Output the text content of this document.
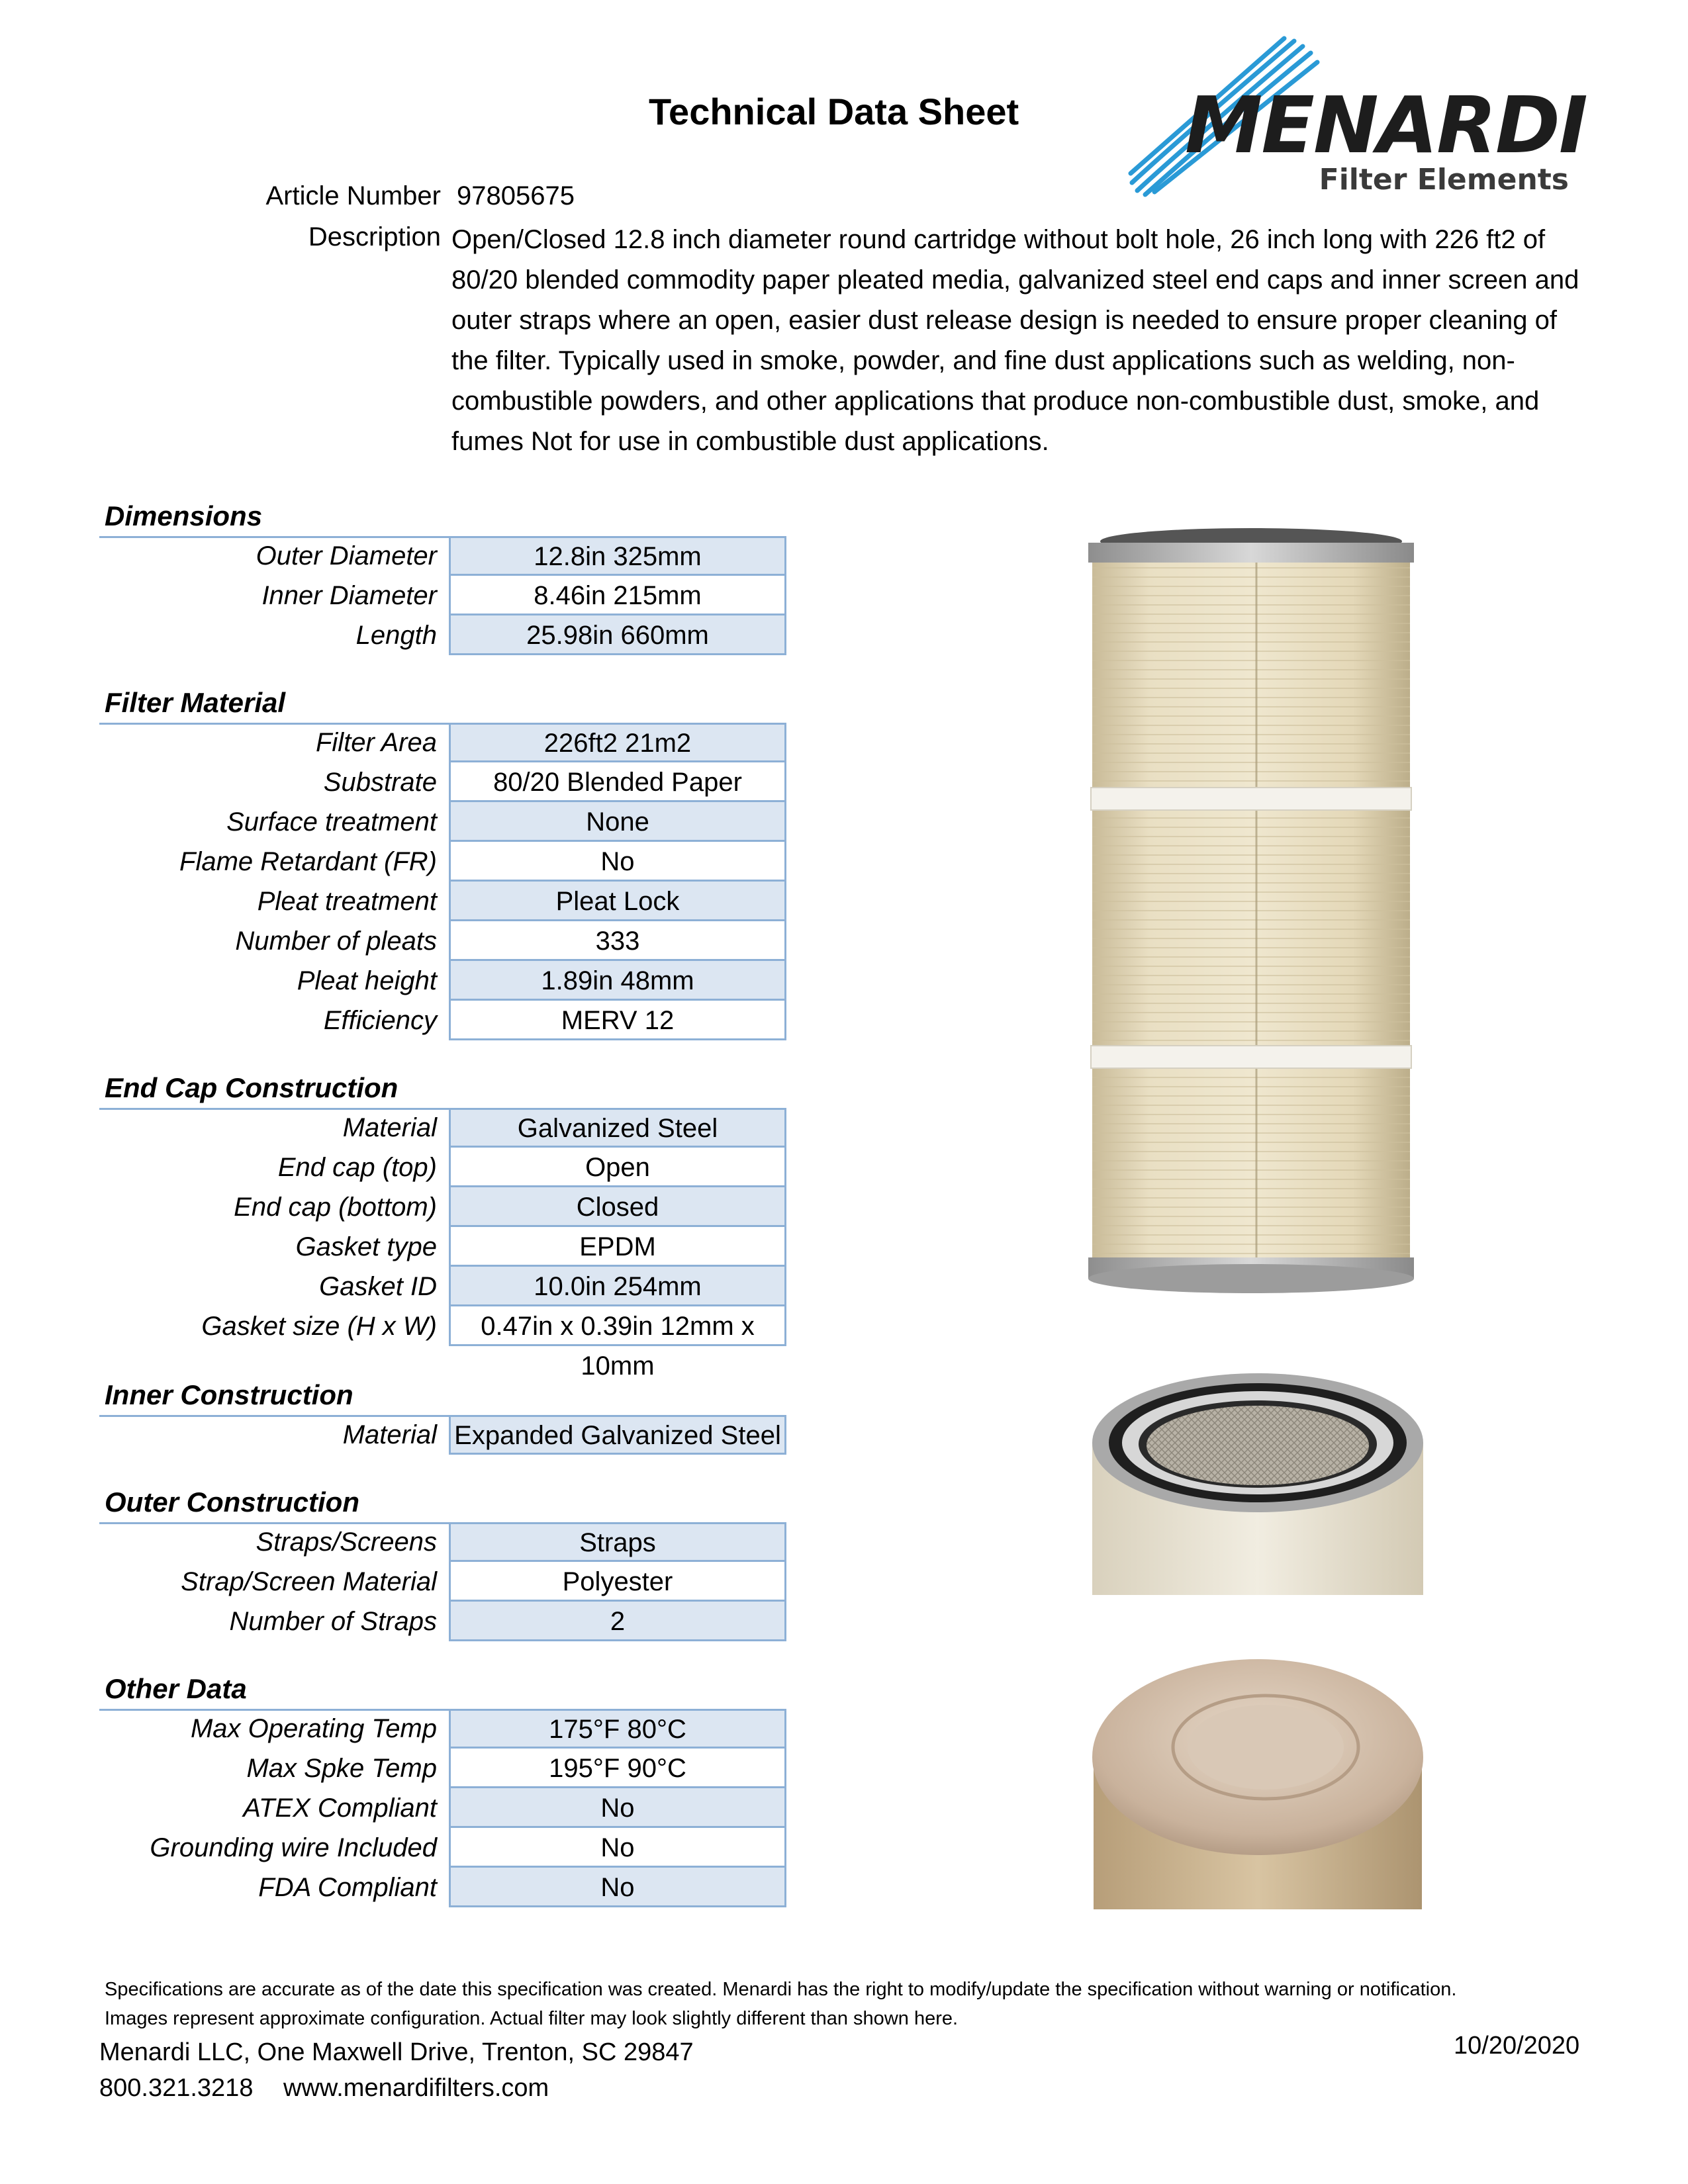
Technical Data Sheet	MENARDI
Filter Elements
Article Number 97805675
Description Open/Closed 12.8 inch diameter round cartridge without bolt hole, 26 inch long with 226 ft2 of 80/20 blended commodity paper pleated media, galvanized steel end caps and inner screen and outer straps where an open, easier dust release design is needed to ensure proper cleaning of the filter. Typically used in smoke, powder, and fine dust applications such as welding, non-combustible powders, and other applications that produce non-combustible dust, smoke, and fumes Not for use in combustible dust applications.
Dimensions
Outer Diameter	12.8in 325mm
Inner Diameter	8.46in 215mm
Length	25.98in 660mm
Filter Material
Filter Area	226ft2 21m2
Substrate	80/20 Blended Paper
Surface treatment	None
Flame Retardant (FR)	No
Pleat treatment	Pleat Lock
Number of pleats	333
Pleat height	1.89in 48mm
Efficiency	MERV 12
End Cap Construction
Material	Galvanized Steel
End cap (top)	Open
End cap (bottom)	Closed
Gasket type	EPDM
Gasket ID	10.0in 254mm
Gasket size (H x W)	0.47in x 0.39in 12mm x 10mm
Inner Construction
Material Expanded Galvanized Steel
Outer Construction
Straps/Screens	Straps
Strap/Screen Material	Polyester
Number of Straps	2
Other Data
Max Operating Temp	175°F 80°C
Max Spke Temp	195°F 90°C
ATEX Compliant	No
Grounding wire Included	No
FDA Compliant	No
Specifications are accurate as of the date this specification was created. Menardi has the right to modify/update the specification without warning or notification.
Images represent approximate configuration. Actual filter may look slightly different than shown here.
Menardi LLC, One Maxwell Drive, Trenton, SC 29847
800.321.3218 www.menardifilters.com
10/20/2020
